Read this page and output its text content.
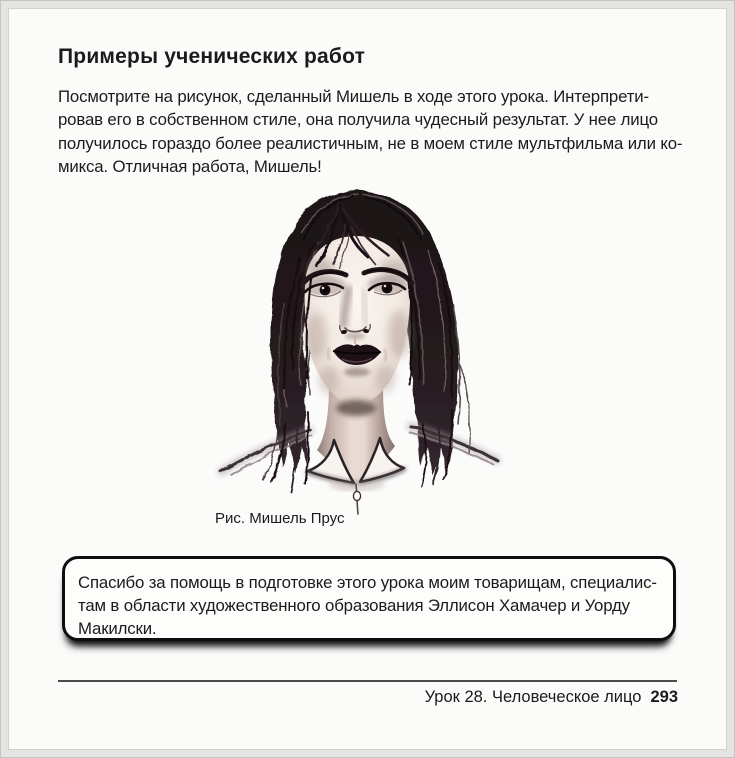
Примеры ученических работ
Посмотрите на рисунок, сделанный Мишель в ходе этого урока. Интерпрети-
ровав его в собственном стиле, она получила чудесный результат. У нее лицо
получилось гораздо более реалистичным, не в моем стиле мультфильма или ко-
микса. Отличная работа, Мишель!
Рис. Мишель Прус
Спасибо за помощь в подготовке этого урока моим товарищам, специалис-
там в области художественного образования Эллисон Хамачер и Уорду
Макилски.
Урок 28. Человеческое лицо 293
